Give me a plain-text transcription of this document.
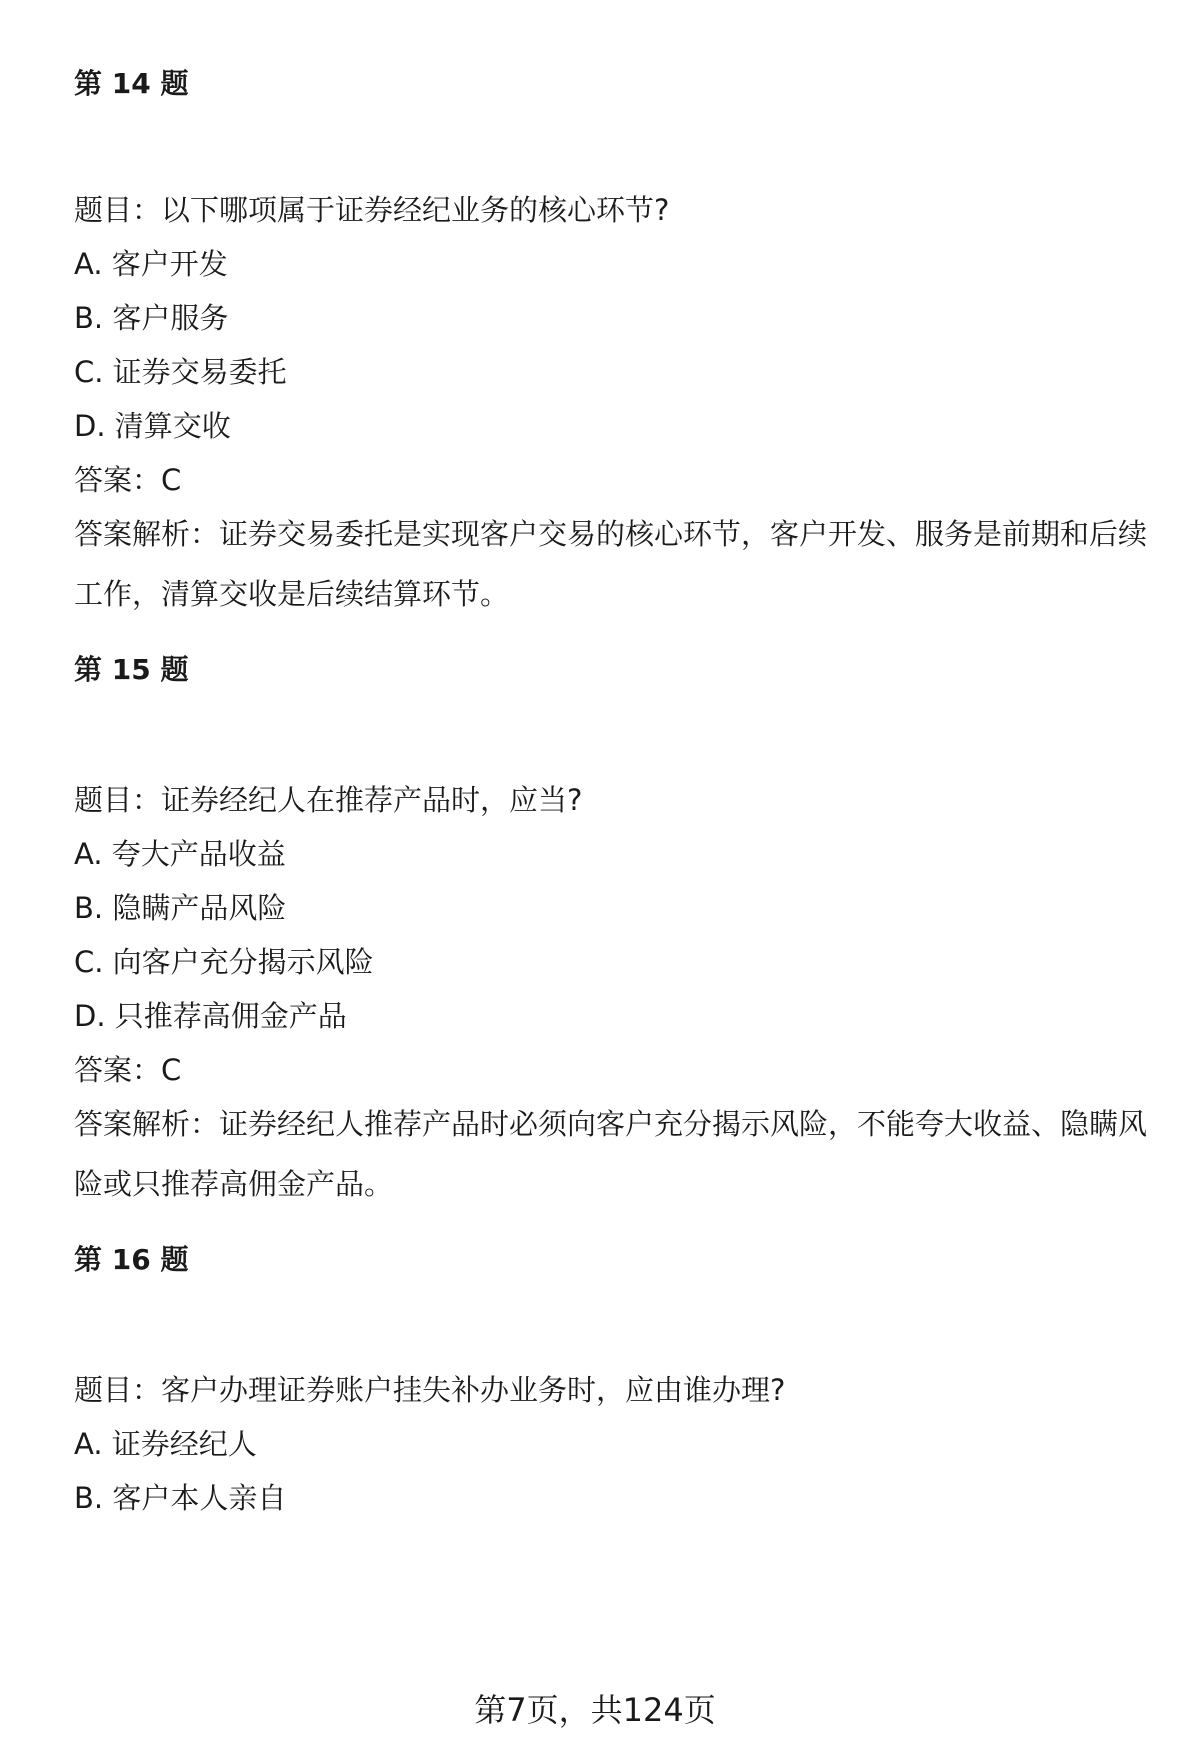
第 14 题
题目：以下哪项属于证券经纪业务的核心环节?
A. 客户开发
B. 客户服务
C. 证券交易委托
D. 清算交收
答案：C
答案解析：证券交易委托是实现客户交易的核心环节，客户开发、服务是前期和后续工作，清算交收是后续结算环节。
第 15 题
题目：证券经纪人在推荐产品时，应当?
A. 夸大产品收益
B. 隐瞒产品风险
C. 向客户充分揭示风险
D. 只推荐高佣金产品
答案：C
答案解析：证券经纪人推荐产品时必须向客户充分揭示风险，不能夸大收益、隐瞒风险或只推荐高佣金产品。
第 16 题
题目：客户办理证券账户挂失补办业务时，应由谁办理?
A. 证券经纪人
B. 客户本人亲自
第7页，共124页
